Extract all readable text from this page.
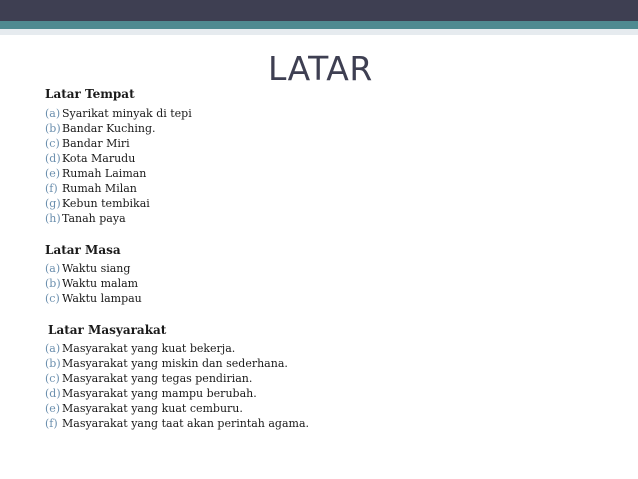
LATAR
Latar Tempat
(a) Syarikat minyak di tepi
(b)Bandar Kuching.
(c) Bandar Miri
(d)Kota Marudu
(e) Rumah Laiman
(f) Rumah Milan
(g)Kebun tembikai
(h)Tanah paya
Latar Masa
(a) Waktu siang
(b)Waktu malam
(c) Waktu lampau
Latar Masyarakat
(a) Masyarakat yang kuat bekerja.
(b)Masyarakat yang miskin dan sederhana.
(c) Masyarakat yang tegas pendirian.
(d)Masyarakat yang mampu berubah.
(e) Masyarakat yang kuat cemburu.
(f) Masyarakat yang taat akan perintah agama.
